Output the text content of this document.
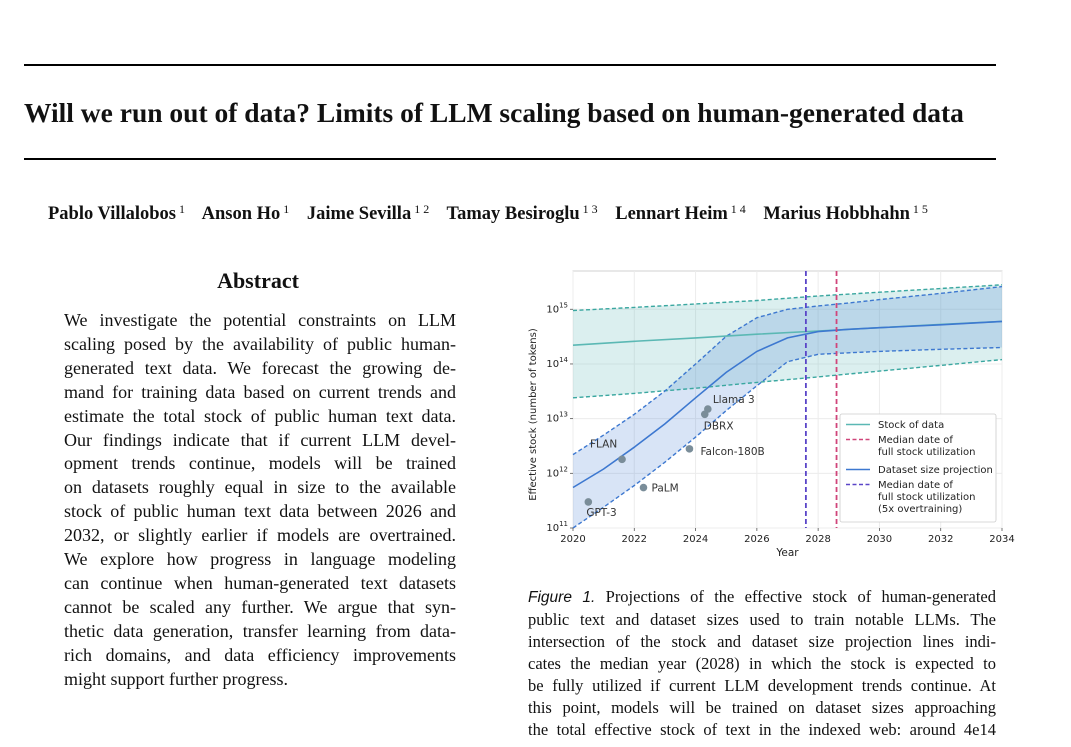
Will we run out of data? Limits of LLM scaling based on human-generated data
Pablo Villalobos $^1$ Anson Ho $^1$ Jaime Sevilla $^{1 2}$ Tamay Besiroglu $^{1 3}$ Lennart Heim $^{1 4}$ Marius Hobbhahn $^{1 5}$
Abstract
We investigate the potential constraints on LLM
scaling posed by the availability of public human-
generated text data. We forecast the growing de-
mand for training data based on current trends and
estimate the total stock of public human text data.
Our findings indicate that if current LLM devel-
opment trends continue, models will be trained
on datasets roughly equal in size to the available
stock of public human text data between 2026 and
2032, or slightly earlier if models are overtrained.
We explore how progress in language modeling
can continue when human-generated text datasets
cannot be scaled any further. We argue that syn-
thetic data generation, transfer learning from data-
rich domains, and data efficiency improvements
might support further progress.
FLAN
GPT-3
PaLM
Falcon-180B
Llama 3
DBRX
2020	2022	2024	2026	2028	2030	2032	2034
Year
$10^{11}$
$10^{12}$
$10^{13}$
$10^{14}$
$10^{15}$
Effective stock (number of tokens)	Stock of data
Median date of full stock utilization
Dataset size projection
Median date of full stock utilization (5x overtraining)
Figure 1. Projections of the effective stock of human-generated
public text and dataset sizes used to train notable LLMs. The
intersection of the stock and dataset size projection lines indi-
cates the median year (2028) in which the stock is expected to
be fully utilized if current LLM development trends continue. At
this point, models will be trained on dataset sizes approaching
the total effective stock of text in the indexed web: around 4e14
